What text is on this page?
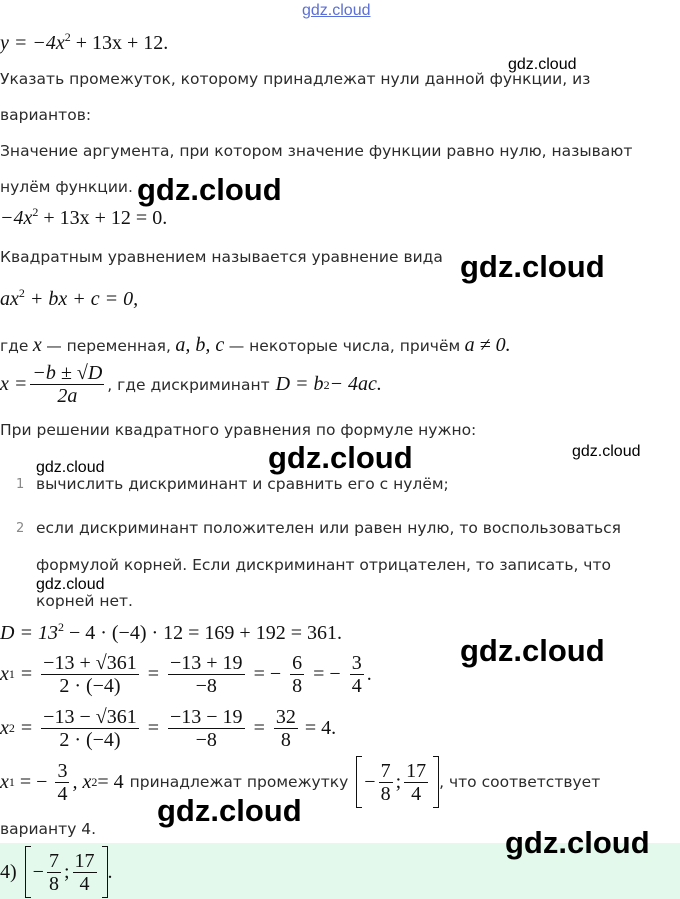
gdz.cloud
$y = -4x^2 + 13x + 12$.
Указать промежуток, которому принадлежат нули данной функции, из
вариантов:
Значение аргумента, при котором значение функции равно нулю, называют
нулём функции.
$-4x^2 + 13x + 12 = 0$.
Квадратным уравнением называется уравнение вида
$ax^2$ + bx + c = 0,
где x — переменная, a, b, c — некоторые числа, причём a ≠ 0.
$x = \frac{-b \pm √D}{2a}$ , где дискриминант D = b 2 − 4ac.
При решении квадратного уравнения по формуле нужно:
1 вычислить дискриминант и сравнить его с нулём;
2 если дискриминант положителен или равен нулю, то воспользоваться
формулой корней. Если дискриминант отрицателен, то записать, что
корней нет.
$D = 13^2 - 4 \cdot (-4) \cdot 12 = 169 + 192 = 361$.
x $1 = \frac{-13 + √361}{2 \cdot (-4)} = \frac{-13 + 19}{-8}$ = − $\frac{6}{8}$ = − $\frac{3}{4}$ .
x $2 = \frac{-13 - √361}{2 \cdot (-4)} = \frac{-13 - 19}{-8} = \frac{32}{8} = 4$.
x 1 = − $\frac{3}{4}$ , x 2 = 4 принадлежат промежутку − $\frac{7}{8}$ ; $\frac{17}{4}$ , что соответствует
варианту 4.
$4) - \frac{7}{8}$ ; $\frac{17}{4}$ .
gdz.cloud
gdz.cloud
gdz.cloud
gdz.cloud
gdz.cloud
gdz.cloud
gdz.cloud
gdz.cloud
gdz.cloud
gdz.cloud
